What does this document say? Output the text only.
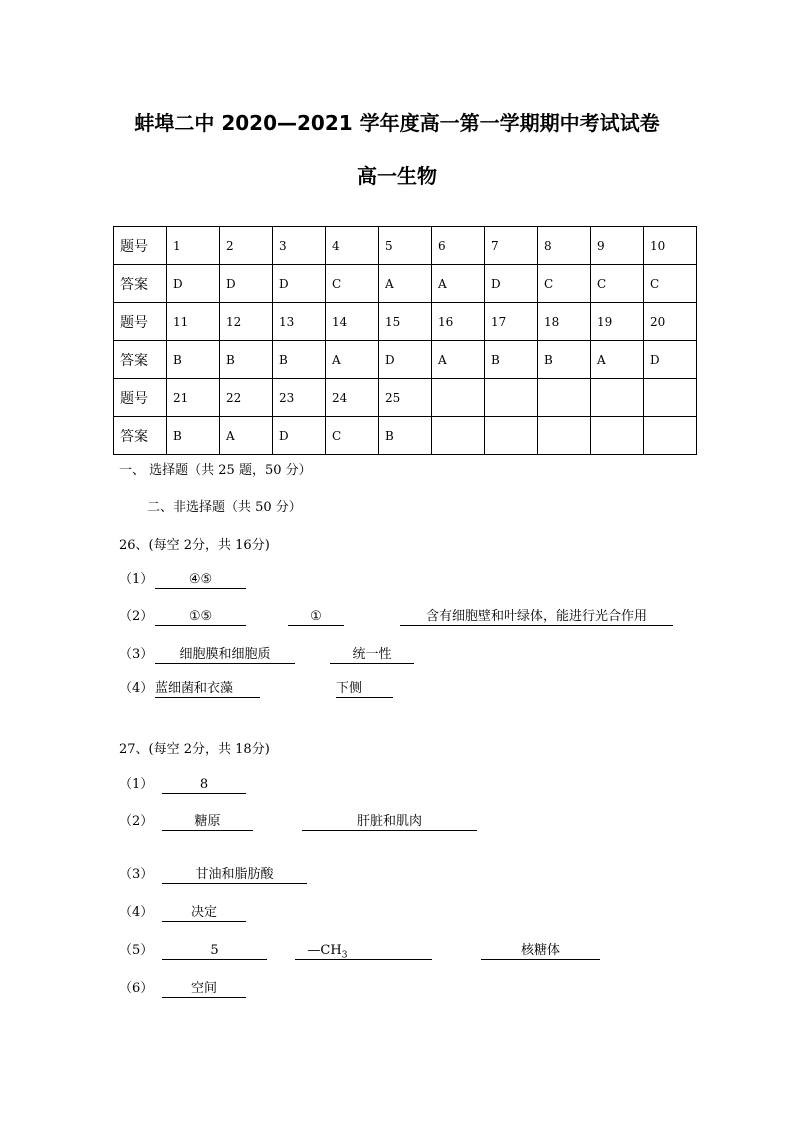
蚌埠二中 2020—2021 学年度高一第一学期期中考试试卷
高一生物
题号	1	2	3	4	5	6	7	8	9	10
答案	D	D	D	C	A	A	D	C	C	C
题号	11	12	13	14	15	16	17	18	19	20
答案	B	B	B	A	D	A	B	B	A	D
题号	21	22	23	24	25					
答案	B	A	D	C	B					
一、 选择题（共 25 题，50 分）
二、非选择题（共 50 分）
26、(每空 2分，共 16分)
（1）	④⑤
（2）	①⑤	①	含有细胞壁和叶绿体，能进行光合作用
（3）	细胞膜和细胞质	统一性
（4） 蓝细菌和衣藻	下侧
27、(每空 2分，共 18分)
（1）	8
（2）	糖原	肝脏和肌肉
（3）	甘油和脂肪酸
（4）	决定
（5）	5	$—CH_3$	核糖体
（6）	空间
